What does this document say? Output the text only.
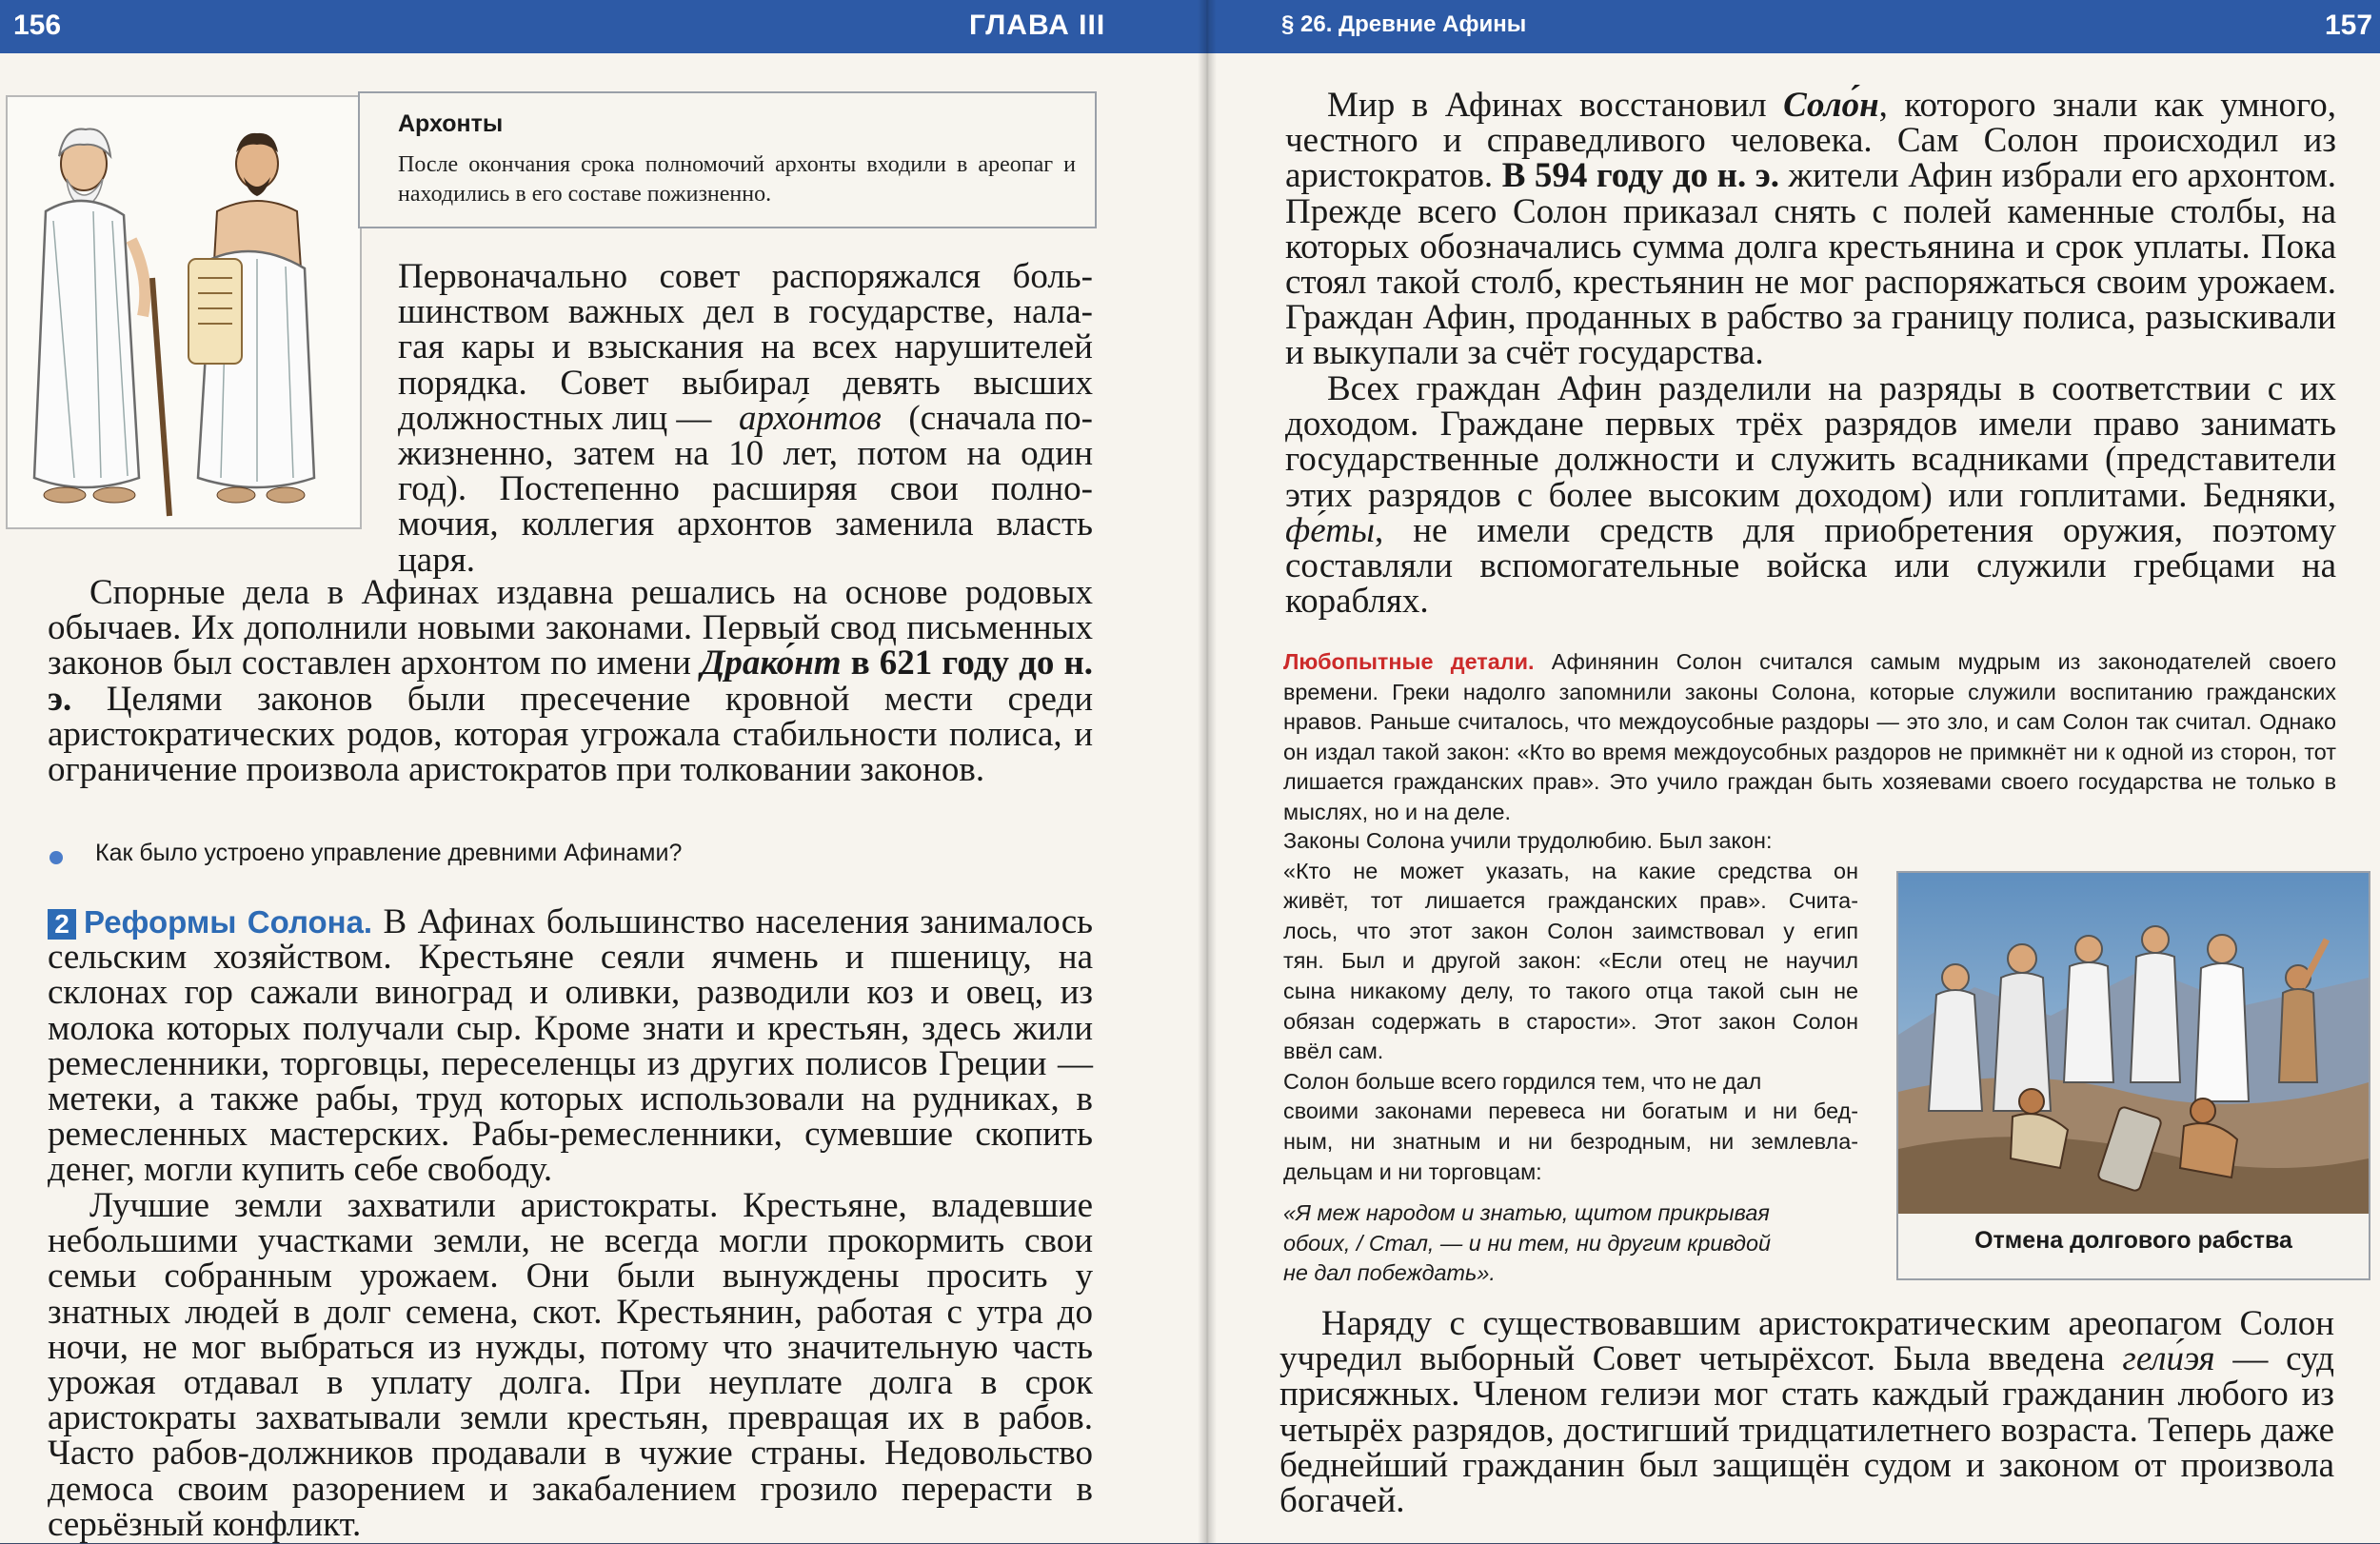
156	ГЛАВА III	§ 26. Древние Афины	157
Архонты
После окончания срока полномочий архонты входили в ареопаг и находились в его составе пожизненно.
Первоначально совет распоряжался боль-
шинством важных дел в государстве, нала-
гая кары и взыскания на всех нарушителей
порядка. Совет выбирал девять высших
должностных лиц — архо́нтов (сначала по-
жизненно, затем на 10 лет, потом на один
год). Постепенно расширяя свои полно-
мочия, коллегия архонтов заменила власть
царя.

Спорные дела в Афинах издавна решались на основе родовых обычаев. Их дополнили новыми законами. Первый свод письменных законов был составлен архонтом по имени Драко́нт в 621 году до н. э. Целями законов были пресечение кровной мести среди аристократических родов, которая угрожала стабильности полиса, и ограничение произвола аристократов при толковании законов.

Как было устроено управление древними Афинами?

2 Реформы Солона. В Афинах большинство населения занималось сельским хозяйством. Крестьяне сеяли ячмень и пшеницу, на склонах гор сажали виноград и оливки, разводили коз и овец, из молока которых получали сыр. Кроме знати и крестьян, здесь жили ремесленники, торговцы, переселенцы из других полисов Греции — метеки, а также рабы, труд которых использовали на рудниках, в ремесленных мастерских. Рабы-ремесленники, сумевшие скопить денег, могли купить себе свободу.

Лучшие земли захватили аристократы. Крестьяне, владевшие небольшими участками земли, не всегда могли прокормить свои семьи собранным урожаем. Они были вынуждены просить у знатных людей в долг семена, скот. Крестьянин, работая с утра до ночи, не мог выбраться из нужды, потому что значительную часть урожая отдавал в уплату долга. При неуплате долга в срок аристократы захватывали земли крестьян, превращая их в рабов. Часто рабов-должников продавали в чужие страны. Недовольство демоса своим разорением и закабалением грозило перерасти в серьёзный конфликт.

Мир в Афинах восстановил Соло́н, которого знали как умного, честного и справедливого человека. Сам Солон происходил из аристократов. В 594 году до н. э. жители Афин избрали его архонтом. Прежде всего Солон приказал снять с полей каменные столбы, на которых обозначались сумма долга крестьянина и срок уплаты. Пока стоял такой столб, крестьянин не мог распоряжаться своим урожаем. Граждан Афин, проданных в рабство за границу полиса, разыскивали и выкупали за счёт государства.

Всех граждан Афин разделили на разряды в соответствии с их доходом. Граждане первых трёх разрядов имели право занимать государственные должности и служить всадниками (представители этих разрядов с более высоким доходом) или гоплитами. Бедняки, фе́ты, не имели средств для приобретения оружия, поэтому составляли вспомогательные войска или служили гребцами на кораблях.

Любопытные детали. Афинянин Солон считался самым мудрым из законодателей своего времени. Греки надолго запомнили законы Солона, которые служили воспитанию гражданских нравов. Раньше считалось, что междоусобные раздоры — это зло, и сам Солон так считал. Однако он издал такой закон: «Кто во время междоусобных раздоров не примкнёт ни к одной из сторон, тот лишается гражданских прав». Это учило граждан быть хозяевами своего государства не только в мыслях, но и на деле.
Законы Солона учили трудолюбию. Был закон:
«Кто не может указать, на какие средства он
живёт, тот лишается гражданских прав». Счита-
лось, что этот закон Солон заимствовал у егип
тян. Был и другой закон: «Если отец не научил
сына никакому делу, то такого отца такой сын не
обязан содержать в старости». Этот закон Солон
ввёл сам.
Солон больше всего гордился тем, что не дал
своими законами перевеса ни богатым и ни бед-
ным, ни знатным и ни безродным, ни землевла-
дельцам и ни торговцам:
«Я меж народом и знатью, щитом прикрывая
обоих, / Стал, — и ни тем, ни другим кривдой
не дал побеждать».
Отмена долгового рабства

Наряду с существовавшим аристократическим ареопагом Солон учредил выборный Совет четырёхсот. Была введена гели́эя — суд присяжных. Членом гелиэи мог стать каждый гражданин любого из четырёх разрядов, достигший тридцатилетнего возраста. Теперь даже беднейший гражданин был защищён судом и законом от произвола богачей.
